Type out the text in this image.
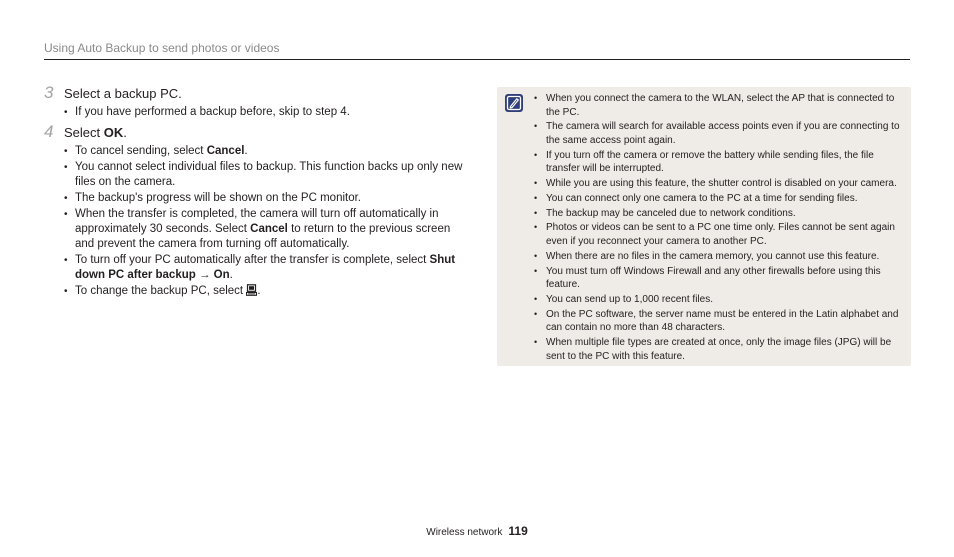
Using Auto Backup to send photos or videos
3 Select a backup PC.
• If you have performed a backup before, skip to step 4.
4 Select OK.
• To cancel sending, select Cancel.
• You cannot select individual files to backup. This function backs up only new files on the camera.
• The backup's progress will be shown on the PC monitor.
• When the transfer is completed, the camera will turn off automatically in approximately 30 seconds. Select Cancel to return to the previous screen and prevent the camera from turning off automatically.
• To turn off your PC automatically after the transfer is complete, select Shut down PC after backup → On.
• To change the backup PC, select .
• When you connect the camera to the WLAN, select the AP that is connected to the PC.
• The camera will search for available access points even if you are connecting to the same access point again.
• If you turn off the camera or remove the battery while sending files, the file transfer will be interrupted.
• While you are using this feature, the shutter control is disabled on your camera.
• You can connect only one camera to the PC at a time for sending files.
• The backup may be canceled due to network conditions.
• Photos or videos can be sent to a PC one time only. Files cannot be sent again even if you reconnect your camera to another PC.
• When there are no files in the camera memory, you cannot use this feature.
• You must turn off Windows Firewall and any other firewalls before using this feature.
• You can send up to 1,000 recent files.
• On the PC software, the server name must be entered in the Latin alphabet and can contain no more than 48 characters.
• When multiple file types are created at once, only the image files (JPG) will be sent to the PC with this feature.
Wireless network 119
